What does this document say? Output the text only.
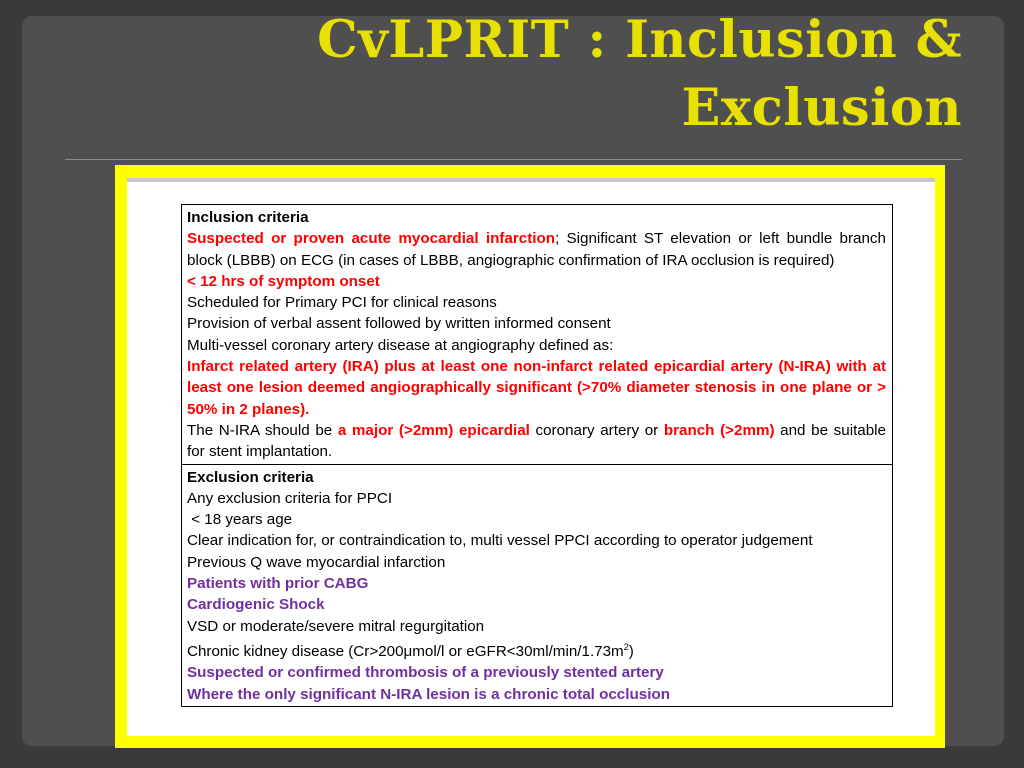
CvLPRIT : Inclusion &
Exclusion
Inclusion criteria
Suspected or proven acute myocardial infarction; Significant ST elevation or left bundle branch block (LBBB) on ECG (in cases of LBBB, angiographic confirmation of IRA occlusion is required)
< 12 hrs of symptom onset
Scheduled for Primary PCI for clinical reasons
Provision of verbal assent followed by written informed consent
Multi-vessel coronary artery disease at angiography defined as:
Infarct related artery (IRA) plus at least one non-infarct related epicardial artery (N-IRA) with at least one lesion deemed angiographically significant (>70% diameter stenosis in one plane or > 50% in 2 planes).
The N-IRA should be a major (>2mm) epicardial coronary artery or branch (>2mm) and be suitable for stent implantation.
Exclusion criteria
Any exclusion criteria for PPCI
< 18 years age
Clear indication for, or contraindication to, multi vessel PPCI according to operator judgement
Previous Q wave myocardial infarction
Patients with prior CABG
Cardiogenic Shock
VSD or moderate/severe mitral regurgitation
Chronic kidney disease (Cr>200μmol/l or $eGFR<30ml/\min/1.73m^2$)
Suspected or confirmed thrombosis of a previously stented artery
Where the only significant N-IRA lesion is a chronic total occlusion
